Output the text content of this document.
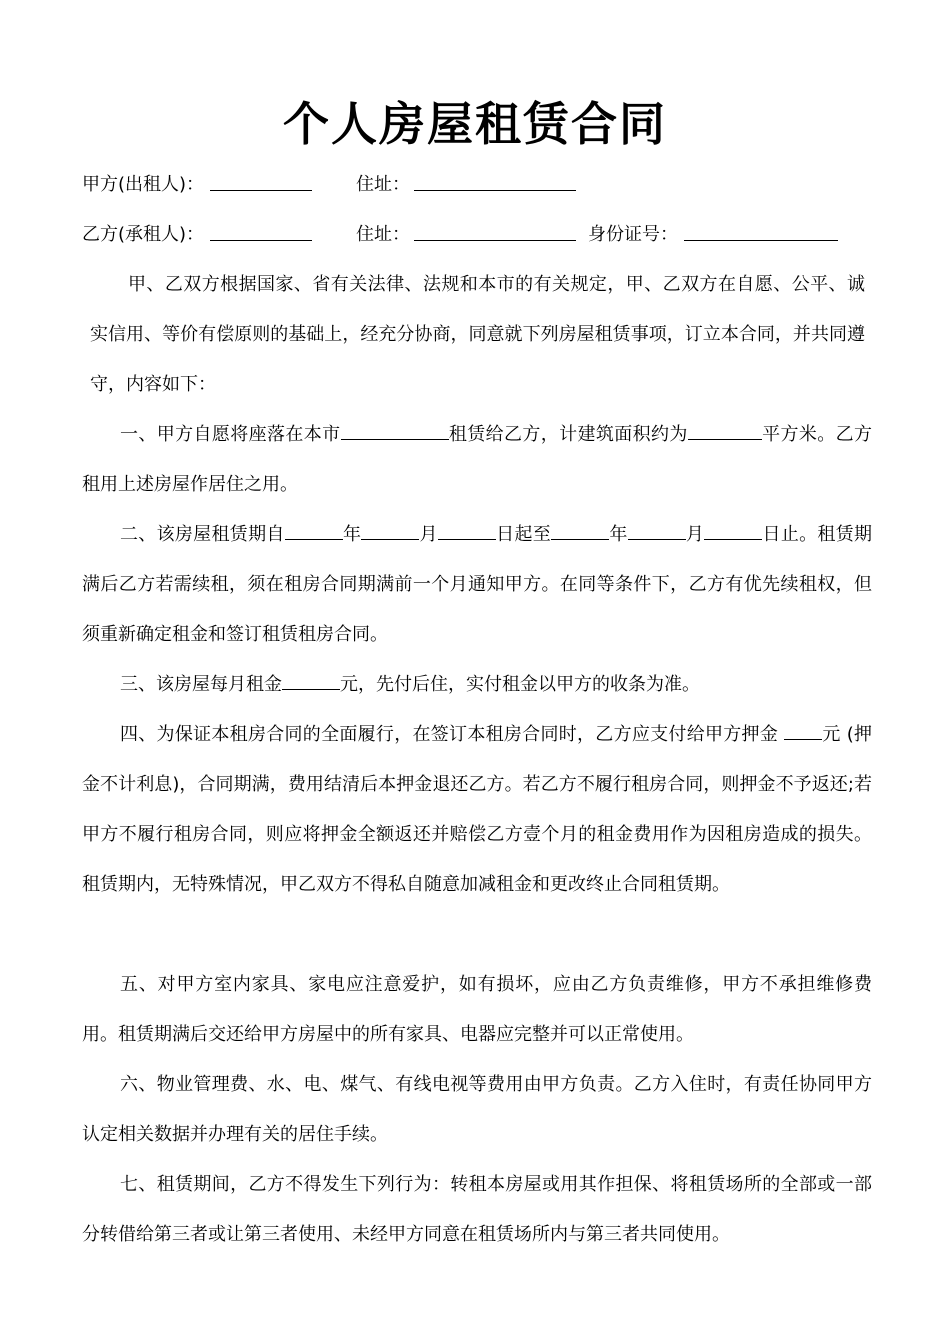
个人房屋租赁合同
甲方(出租人)：	住址：
乙方(承租人)：	住址：	身份证号：
甲、乙双方根据国家、省有关法律、法规和本市的有关规定，甲、乙双方在自愿、公平、诚实信用、等价有偿原则的基础上，经充分协商，同意就下列房屋租赁事项，订立本合同，并共同遵守，内容如下：
一、甲方自愿将座落在本市	租赁给乙方，计建筑面积约为	平方米。乙方租用上述房屋作居住之用。
二、该房屋租赁期自	年	月	日起至	年	月	日止。租赁期满后乙方若需续租，须在租房合同期满前一个月通知甲方。在同等条件下，乙方有优先续租权，但须重新确定租金和签订租赁租房合同。
三、该房屋每月租金	元，先付后住，实付租金以甲方的收条为准。
四、为保证本租房合同的全面履行，在签订本租房合同时，乙方应支付给甲方押金 元 (押金不计利息)，合同期满，费用结清后本押金退还乙方。若乙方不履行租房合同，则押金不予返还;若甲方不履行租房合同，则应将押金全额返还并赔偿乙方壹个月的租金费用作为因租房造成的损失。租赁期内，无特殊情况，甲乙双方不得私自随意加减租金和更改终止合同租赁期。
五、对甲方室内家具、家电应注意爱护，如有损坏，应由乙方负责维修，甲方不承担维修费用。租赁期满后交还给甲方房屋中的所有家具、电器应完整并可以正常使用。
六、物业管理费、水、电、煤气、有线电视等费用由甲方负责。乙方入住时，有责任协同甲方认定相关数据并办理有关的居住手续。
七、租赁期间，乙方不得发生下列行为：转租本房屋或用其作担保、将租赁场所的全部或一部分转借给第三者或让第三者使用、未经甲方同意在租赁场所内与第三者共同使用。
